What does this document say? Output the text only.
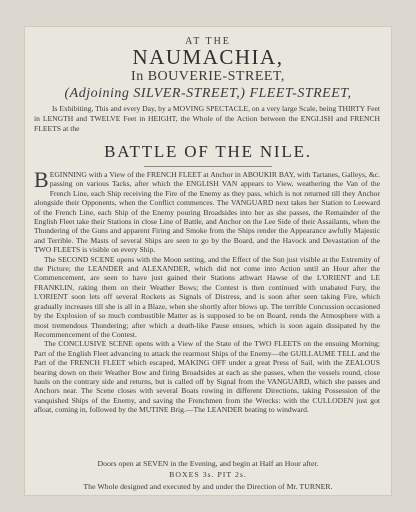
AT THE
NAUMACHIA,
In BOUVERIE-STREET,
(Adjoining SILVER-STREET,) FLEET-STREET,
Is Exhibiting, This and every Day, by a MOVING SPECTACLE, on a very large Scale, being THIRTY Feet in LENGTH and TWELVE Feet in HEIGHT, the Whole of the Action between the ENGLISH and FRENCH FLEETS at the
BATTLE OF THE NILE.

BEGINNING with a View of the FRENCH FLEET at Anchor in ABOUKIR BAY, with Tartanes, Galleys, &c. passing on various Tacks, after which the ENGLISH VAN appears to View, weathering the Van of the French Line, each Ship receiving the Fire of the Enemy as they pass, which is not returned till they Anchor alongside their Opponents, when the Conflict commences. The VANGUARD next takes her Station to Leeward of the French Line, each Ship of the Enemy pouring Broadsides into her as she passes, the Remainder of the English Fleet take their Stations in close Line of Battle, and Anchor on the Lee Side of their Assailants, when the Thundering of the Guns and apparent Firing and Smoke from the Ships render the Appearance awfully Majestic and Terrible. The Masts of several Ships are seen to go by the Board, and the Havock and Devastation of the TWO FLEETS is visible on every Ship.

The SECOND SCENE opens with the Moon setting, and the Effect of the Sun just visible at the Extremity of the Picture; the LEANDER and ALEXANDER, which did not come into Action until an Hour after the Commencement, are seen to have just gained their Stations athwart Hawse of the L'ORIENT and LE FRANKLIN, raking them on their Weather Bows; the Contest is then continued with unabated Fury, the L'ORIENT soon lets off several Rockets as Signals of Distress, and is soon after seen taking Fire, which gradually increases till she is all in a Blaze, when she shortly after blows up. The terrible Concussion occasioned by the Explosion of so much combustible Matter as is supposed to be on Board, rends the Atmosphere with a most tremendous Thundering; after which a death-like Pause ensues, which is soon again dissipated by the Recommencement of the Contest.

The CONCLUSIVE SCENE opens with a View of the State of the TWO FLEETS on the ensuing Morning; Part of the English Fleet advancing to attack the rearmost Ships of the Enemy—the GUILLAUME TELL and the Part of the FRENCH FLEET which escaped, MAKING OFF under a great Press of Sail, with the ZEALOUS bearing down on their Weather Bow and firing Broadsides at each as she passes, when the vessels round, close hauls on the contrary side and returns, but is called off by Signal from the VANGUARD, which she passes and Anchors near. The Scene closes with several Boats rowing in different Directions, taking Possession of the vanquished Ships of the Enemy, and saving the Frenchmen from the Wrecks: with the CULLODEN just got afloat, coming in, followed by the MUTINE Brig.—The LEANDER beating to windward.

Doors open at SEVEN in the Evening, and begin at Half an Hour after.
BOXES 3s. PIT 2s.
The Whole designed and executed by and under the Direction of Mr. TURNER.
